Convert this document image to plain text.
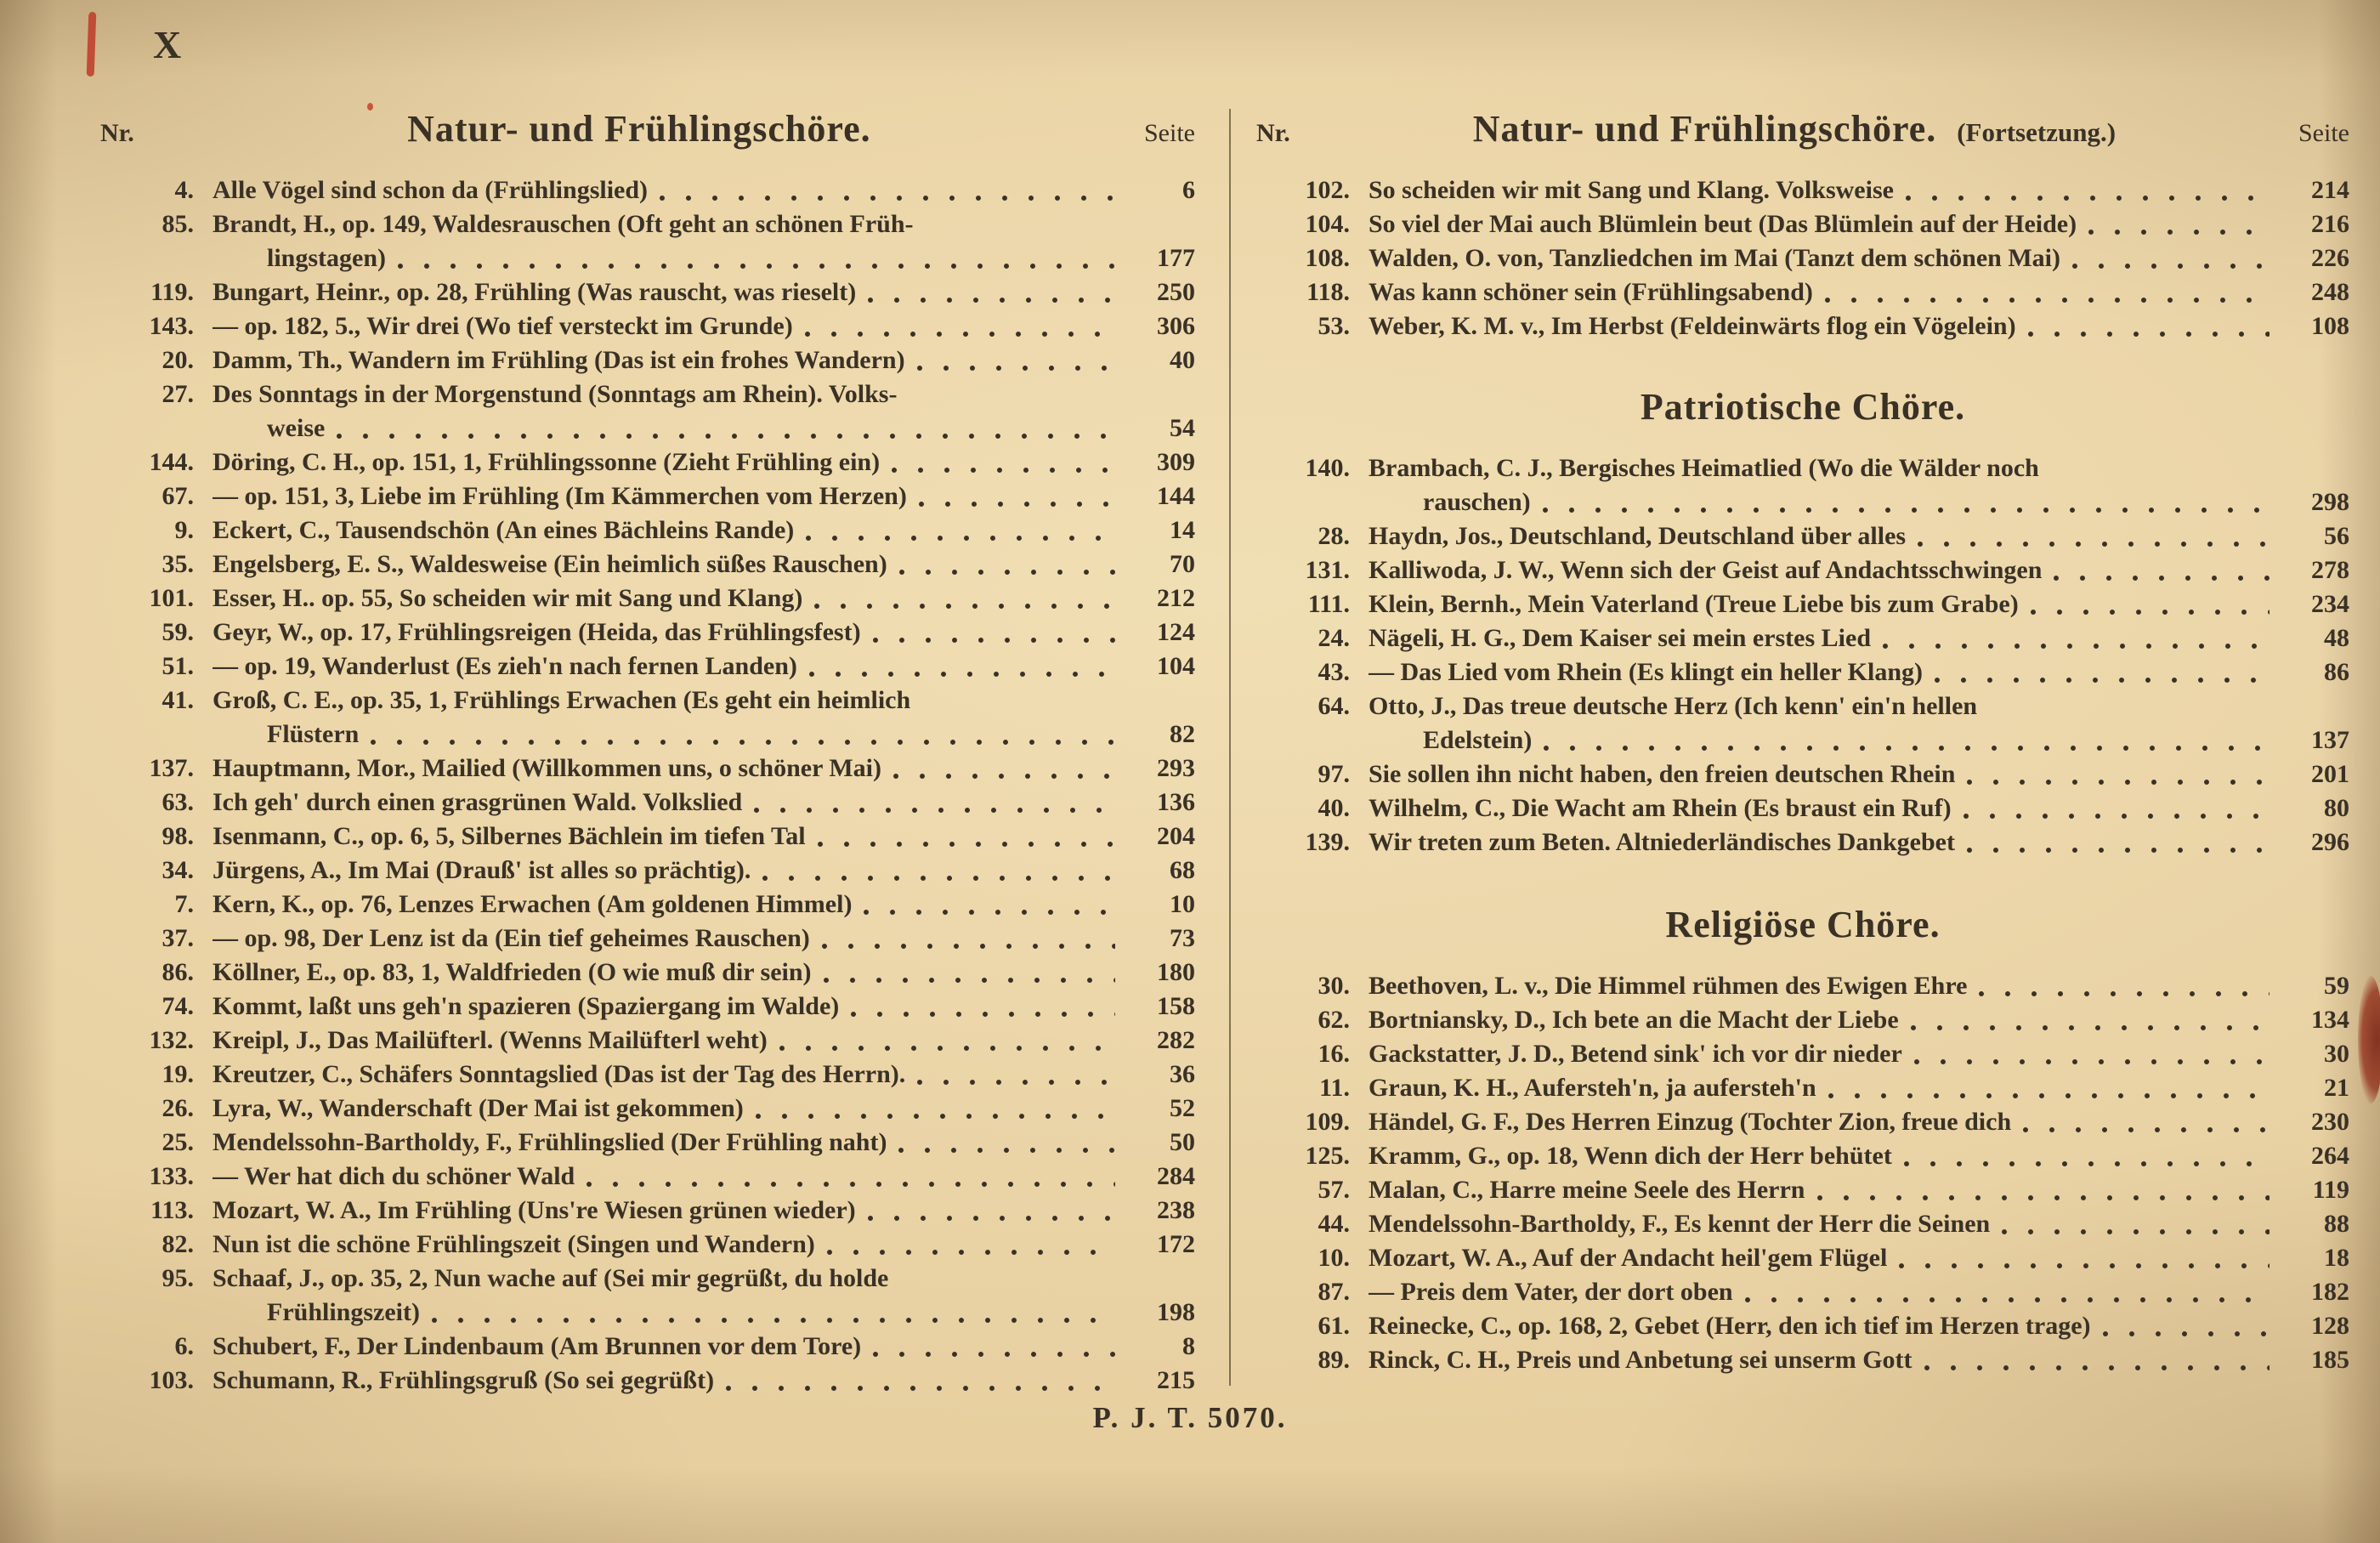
X
Nr.	Natur- und Frühlingschöre.	Seite
4. Alle Vögel sind schon da (Frühlingslied)	6
85. Brandt, H., op. 149, Waldesrauschen (Oft geht an schönen Früh-
lingstagen)	177
119. Bungart, Heinr., op. 28, Frühling (Was rauscht, was rieselt)	250
143. — op. 182, 5., Wir drei (Wo tief versteckt im Grunde)	306
20. Damm, Th., Wandern im Frühling (Das ist ein frohes Wandern)	40
27. Des Sonntags in der Morgenstund (Sonntags am Rhein). Volks-
weise	54
144. Döring, C. H., op. 151, 1, Frühlingssonne (Zieht Frühling ein)	309
67. — op. 151, 3, Liebe im Frühling (Im Kämmerchen vom Herzen)	144
9. Eckert, C., Tausendschön (An eines Bächleins Rande)	14
35. Engelsberg, E. S., Waldesweise (Ein heimlich süßes Rauschen)	70
101. Esser, H.. op. 55, So scheiden wir mit Sang und Klang)	212
59. Geyr, W., op. 17, Frühlingsreigen (Heida, das Frühlingsfest)	124
51. — op. 19, Wanderlust (Es zieh'n nach fernen Landen)	104
41. Groß, C. E., op. 35, 1, Frühlings Erwachen (Es geht ein heimlich
Flüstern	82
137. Hauptmann, Mor., Mailied (Willkommen uns, o schöner Mai)	293
63. Ich geh' durch einen grasgrünen Wald. Volkslied	136
98. Isenmann, C., op. 6, 5, Silbernes Bächlein im tiefen Tal	204
34. Jürgens, A., Im Mai (Drauß' ist alles so prächtig).	68
7. Kern, K., op. 76, Lenzes Erwachen (Am goldenen Himmel)	10
37. — op. 98, Der Lenz ist da (Ein tief geheimes Rauschen)	73
86. Köllner, E., op. 83, 1, Waldfrieden (O wie muß dir sein)	180
74. Kommt, laßt uns geh'n spazieren (Spaziergang im Walde)	158
132. Kreipl, J., Das Mailüfterl. (Wenns Mailüfterl weht)	282
19. Kreutzer, C., Schäfers Sonntagslied (Das ist der Tag des Herrn).	36
26. Lyra, W., Wanderschaft (Der Mai ist gekommen)	52
25. Mendelssohn-Bartholdy, F., Frühlingslied (Der Frühling naht)	50
133. — Wer hat dich du schöner Wald	284
113. Mozart, W. A., Im Frühling (Uns're Wiesen grünen wieder)	238
82. Nun ist die schöne Frühlingszeit (Singen und Wandern)	172
95. Schaaf, J., op. 35, 2, Nun wache auf (Sei mir gegrüßt, du holde
Frühlingszeit)	198
6. Schubert, F., Der Lindenbaum (Am Brunnen vor dem Tore)	8
103. Schumann, R., Frühlingsgruß (So sei gegrüßt)	215
Nr.	Natur- und Frühlingschöre. (Fortsetzung.)	Seite
102. So scheiden wir mit Sang und Klang. Volksweise	214
104. So viel der Mai auch Blümlein beut (Das Blümlein auf der Heide)	216
108. Walden, O. von, Tanzliedchen im Mai (Tanzt dem schönen Mai)	226
118. Was kann schöner sein (Frühlingsabend)	248
53. Weber, K. M. v., Im Herbst (Feldeinwärts flog ein Vögelein)	108
Patriotische Chöre.
140. Brambach, C. J., Bergisches Heimatlied (Wo die Wälder noch
rauschen)	298
28. Haydn, Jos., Deutschland, Deutschland über alles	56
131. Kalliwoda, J. W., Wenn sich der Geist auf Andachtsschwingen	278
111. Klein, Bernh., Mein Vaterland (Treue Liebe bis zum Grabe)	234
24. Nägeli, H. G., Dem Kaiser sei mein erstes Lied	48
43. — Das Lied vom Rhein (Es klingt ein heller Klang)	86
64. Otto, J., Das treue deutsche Herz (Ich kenn' ein'n hellen
Edelstein)	137
97. Sie sollen ihn nicht haben, den freien deutschen Rhein	201
40. Wilhelm, C., Die Wacht am Rhein (Es braust ein Ruf)	80
139. Wir treten zum Beten. Altniederländisches Dankgebet	296
Religiöse Chöre.
30. Beethoven, L. v., Die Himmel rühmen des Ewigen Ehre	59
62. Bortniansky, D., Ich bete an die Macht der Liebe	134
16. Gackstatter, J. D., Betend sink' ich vor dir nieder	30
11. Graun, K. H., Aufersteh'n, ja aufersteh'n	21
109. Händel, G. F., Des Herren Einzug (Tochter Zion, freue dich	230
125. Kramm, G., op. 18, Wenn dich der Herr behütet	264
57. Malan, C., Harre meine Seele des Herrn	119
44. Mendelssohn-Bartholdy, F., Es kennt der Herr die Seinen	88
10. Mozart, W. A., Auf der Andacht heil'gem Flügel	18
87. — Preis dem Vater, der dort oben	182
61. Reinecke, C., op. 168, 2, Gebet (Herr, den ich tief im Herzen trage)	128
89. Rinck, C. H., Preis und Anbetung sei unserm Gott	185
P. J. T. 5070.
